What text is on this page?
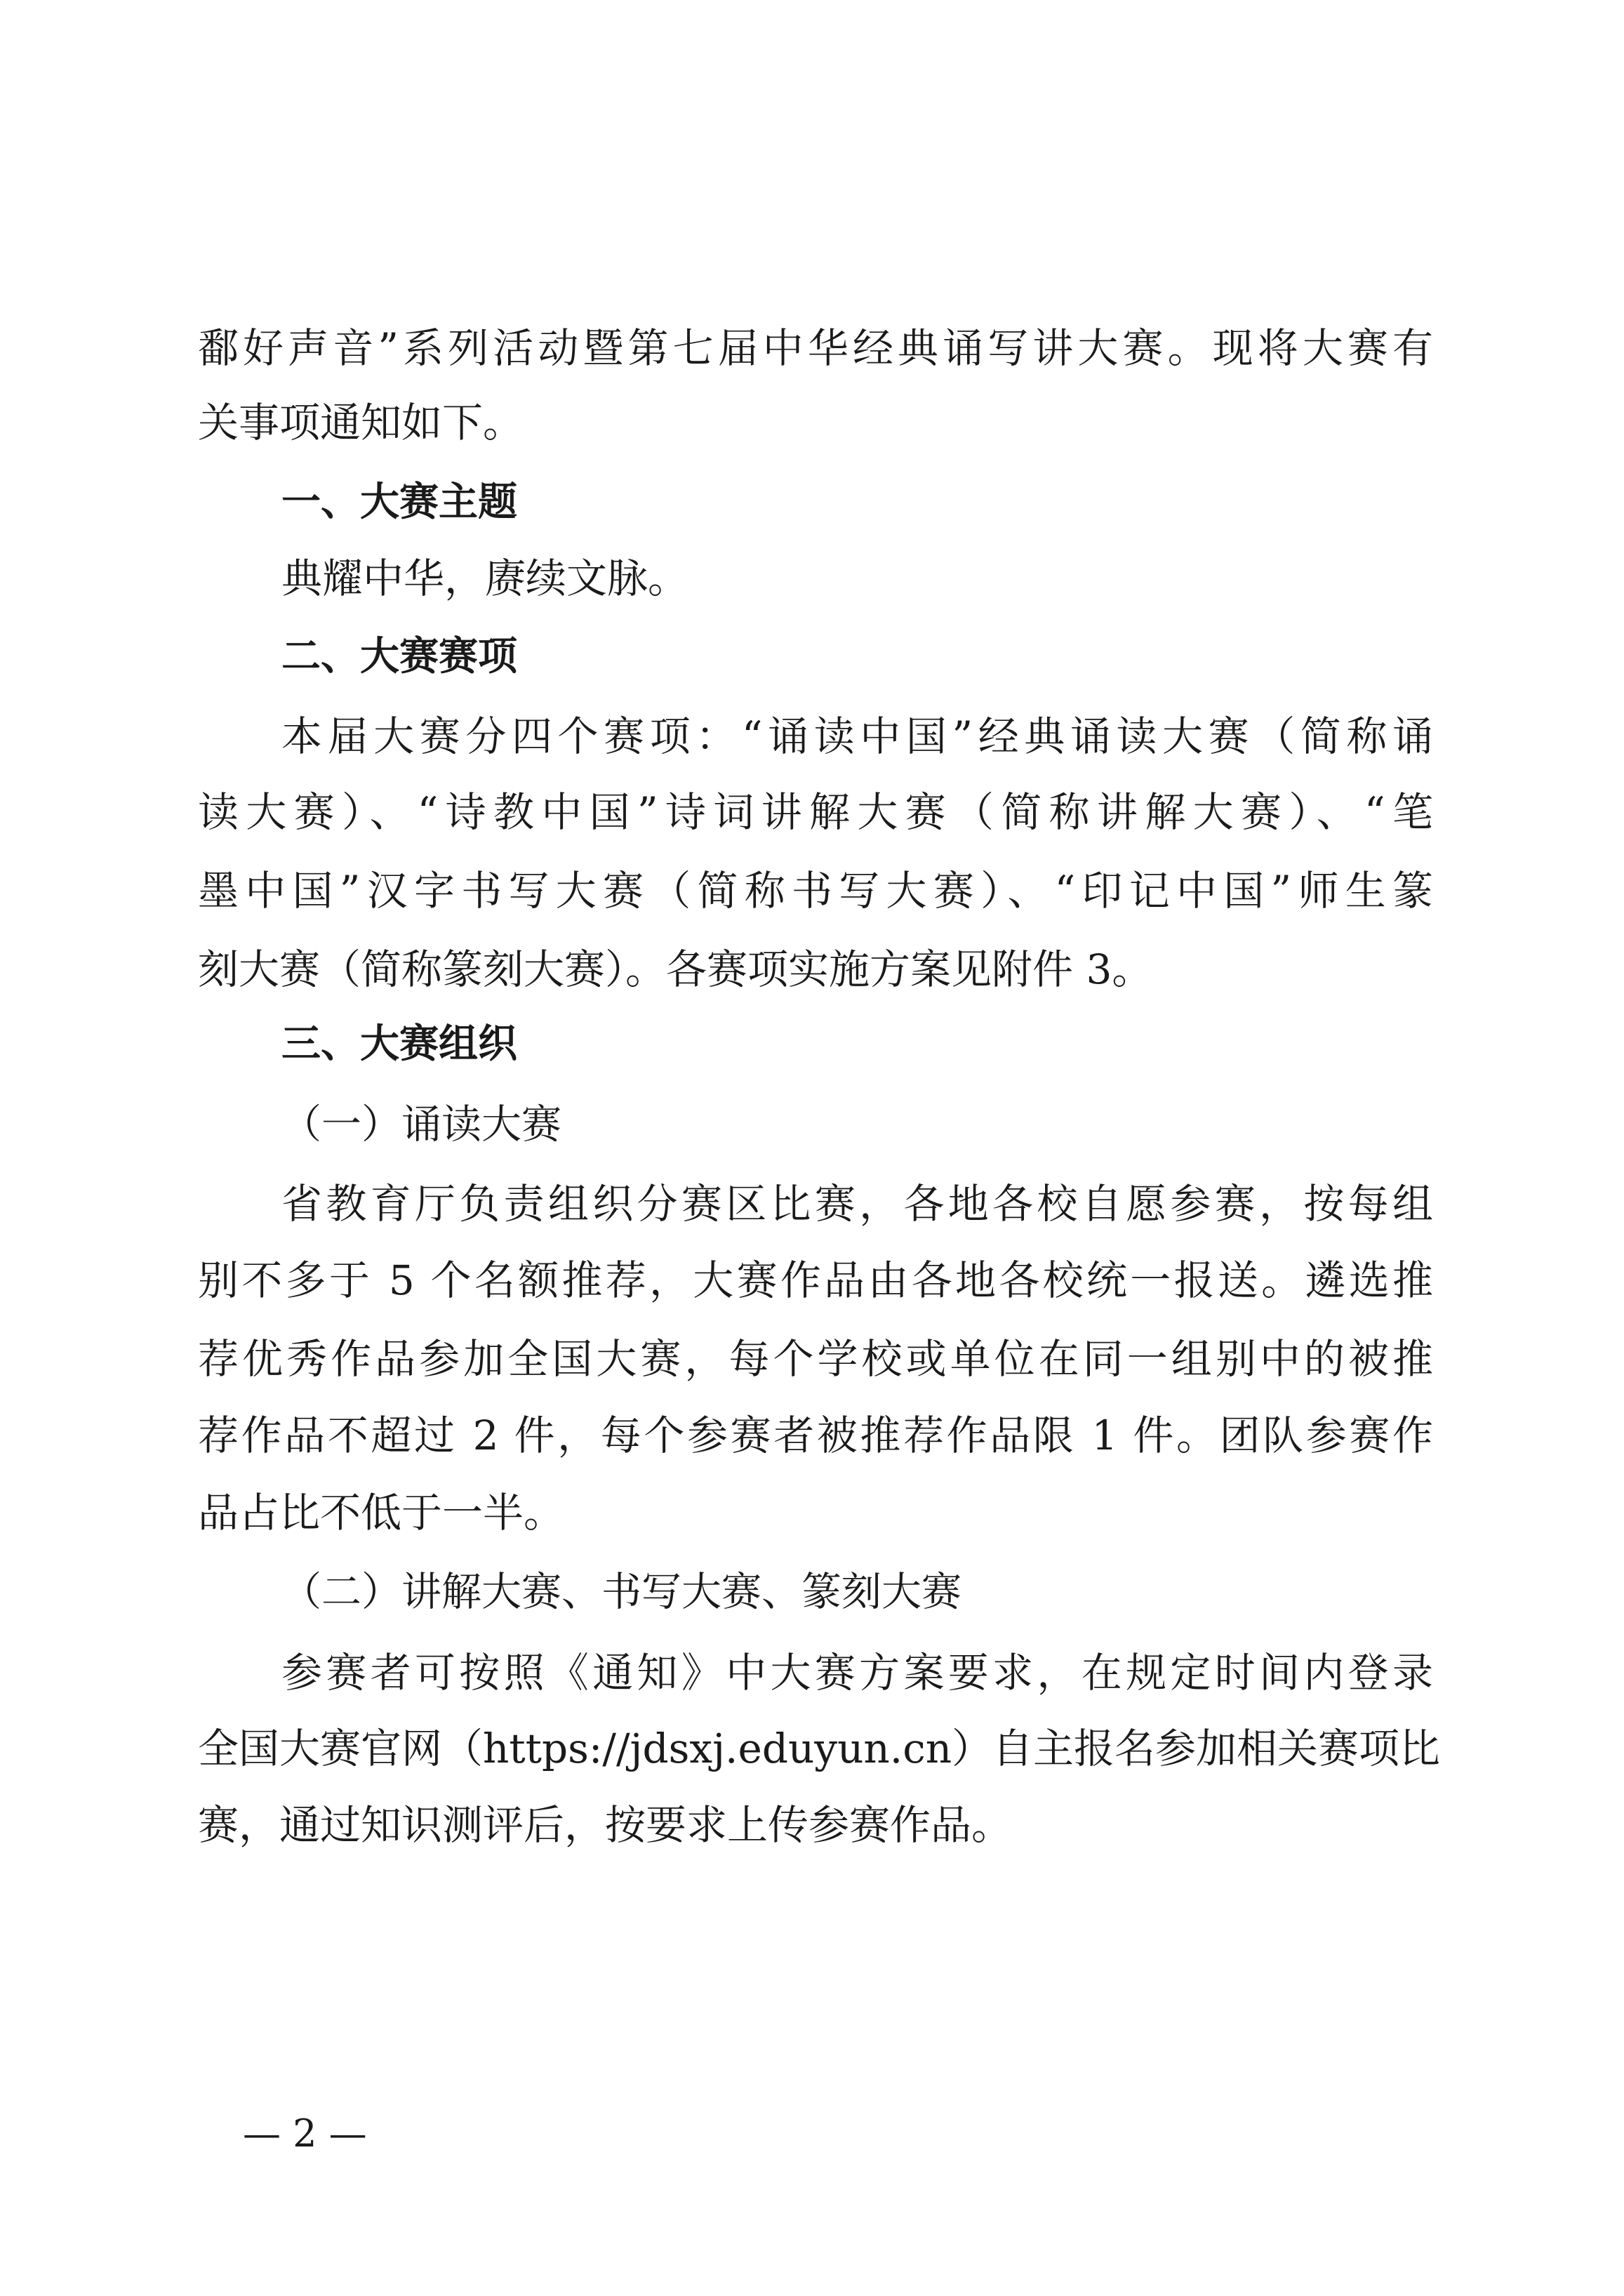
鄱好声音”系列活动暨第七届中华经典诵写讲大赛。现将大赛有
关事项通知如下。
一、大赛主题
典耀中华，赓续文脉。
二、大赛赛项
本届大赛分四个赛项：“诵读中国”经典诵读大赛（简称诵
读大赛）、“诗教中国”诗词讲解大赛（简称讲解大赛）、“笔
墨中国”汉字书写大赛（简称书写大赛）、“印记中国”师生篆
刻大赛（简称篆刻大赛）。各赛项实施方案见附件 3。
三、大赛组织
（一）诵读大赛
省教育厅负责组织分赛区比赛，各地各校自愿参赛，按每组
别不多于 5 个名额推荐，大赛作品由各地各校统一报送。遴选推
荐优秀作品参加全国大赛，每个学校或单位在同一组别中的被推
荐作品不超过 2 件，每个参赛者被推荐作品限 1 件。团队参赛作
品占比不低于一半。
（二）讲解大赛、书写大赛、篆刻大赛
参赛者可按照《通知》中大赛方案要求，在规定时间内登录
全国大赛官网（https://jdsxj.eduyun.cn）自主报名参加相关赛项比
赛，通过知识测评后，按要求上传参赛作品。
— 2 —
